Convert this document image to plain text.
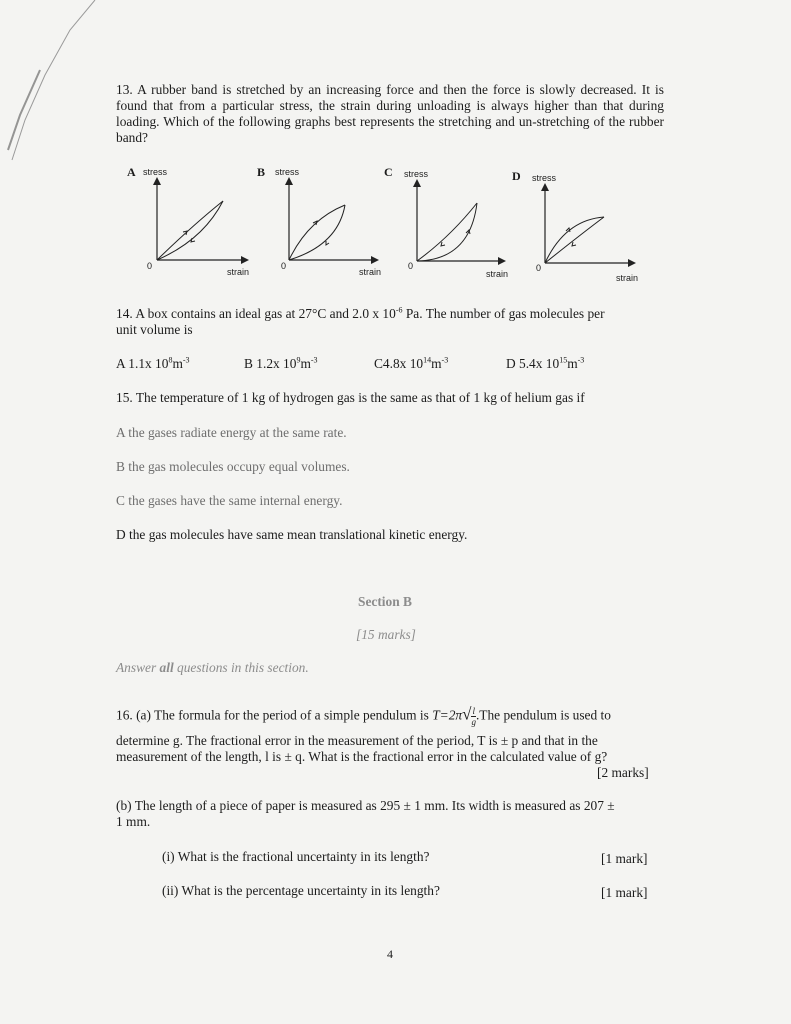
13. A rubber band is stretched by an increasing force and then the force is slowly decreased. It is found that from a particular stress, the strain during unloading is always higher than that during loading. Which of the following graphs best represents the stretching and un-stretching of the rubber band?

A stress
0
strain
B stress
0
strain
C stress
0
strain
D stress
0
strain
14. A box contains an ideal gas at 27°C and 2.0 x $10^{-6}$ Pa. The number of gas molecules per
unit volume is
A 1.1x $10^8m^{-3}$	B 1.2x $10^9m^{-3}$	C4.8x $10^{14}m^{-3}$	D 5.4x $10^{15}m^{-3}$
15. The temperature of 1 kg of hydrogen gas is the same as that of 1 kg of helium gas if
A the gases radiate energy at the same rate.
B the gas molecules occupy equal volumes.
C the gases have the same internal energy.
D the gas molecules have same mean translational kinetic energy.
Section B
[15 marks]
Answer all questions in this section.
16. (a) The formula for the period of a simple pendulum is $T=2\pi√ \frac{l}{g} .The$ pendulum is used to
determine g. The fractional error in the measurement of the period, T is ± p and that in the
measurement of the length, l is ± q. What is the fractional error in the calculated value of g?
[2 marks]
(b) The length of a piece of paper is measured as 295 ± 1 mm. Its width is measured as 207 ±
1 mm.
(i) What is the fractional uncertainty in its length?	[1 mark]
(ii) What is the percentage uncertainty in its length?	[1 mark]
4
